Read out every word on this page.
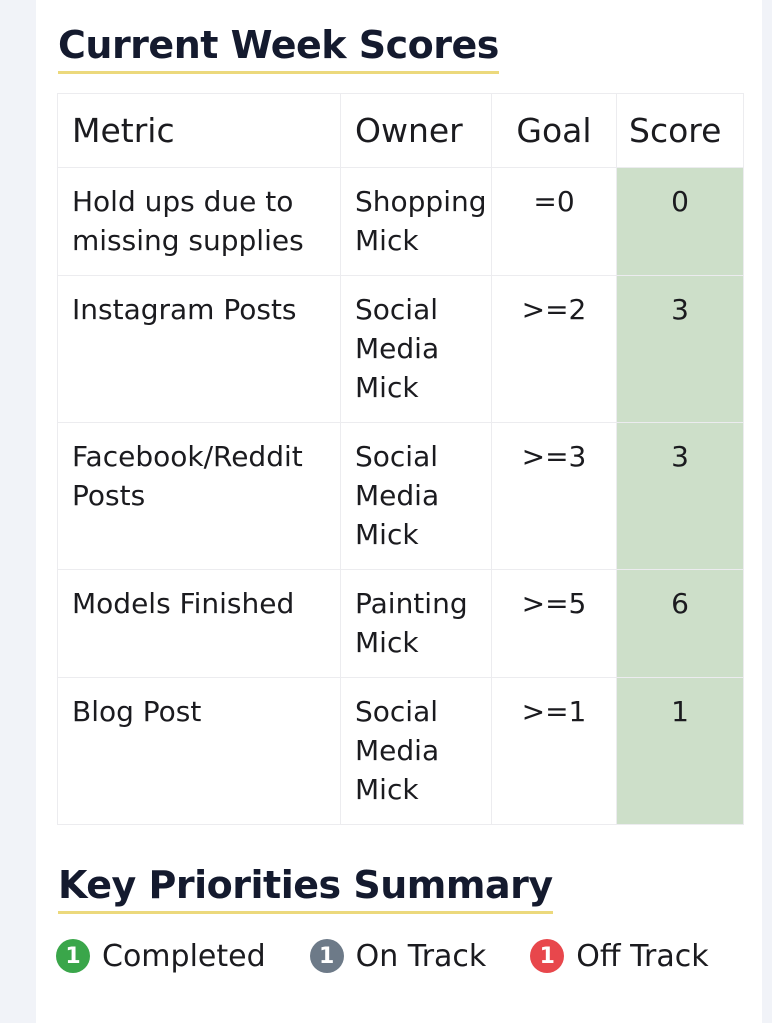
Current Week Scores
Metric	Owner	Goal	Score
Hold ups due to missing supplies	Shopping Mick	=0	0
Instagram Posts	Social Media Mick	>=2	3
Facebook/Reddit Posts	Social Media Mick	>=3	3
Models Finished	Painting Mick	>=5	6
Blog Post	Social Media Mick	>=1	1
Key Priorities Summary
1 Completed	1 On Track	1 Off Track
